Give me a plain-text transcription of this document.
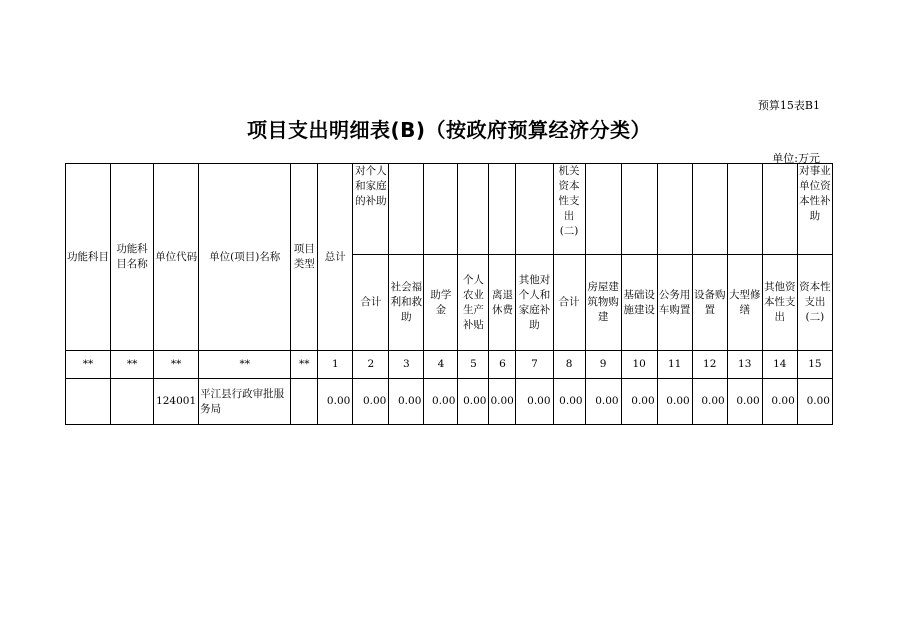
预算15表B1
项目支出明细表(B)（按政府预算经济分类）
单位:万元
功能科目	功能科目名称	单位代码	单位(项目)名称	项目类型	总计	对个人和家庭的补助						机关资本性支出(二)							对事业单位资本性补助
						合计	社会福利和救助	助学金	个人农业生产补贴	离退休费	其他对个人和家庭补助	合计	房屋建筑物购建	基础设施建设	公务用车购置	设备购置	大型修缮	其他资本性支出	资本性支出(二)
**	**	**	**	**	1	2	3	4	5	6	7	8	9	10	11	12	13	14	15
		124001	平江县行政审批服务局		0.00	0.00	0.00	0.00	0.00	0.00	0.00	0.00	0.00	0.00	0.00	0.00	0.00	0.00	0.00
